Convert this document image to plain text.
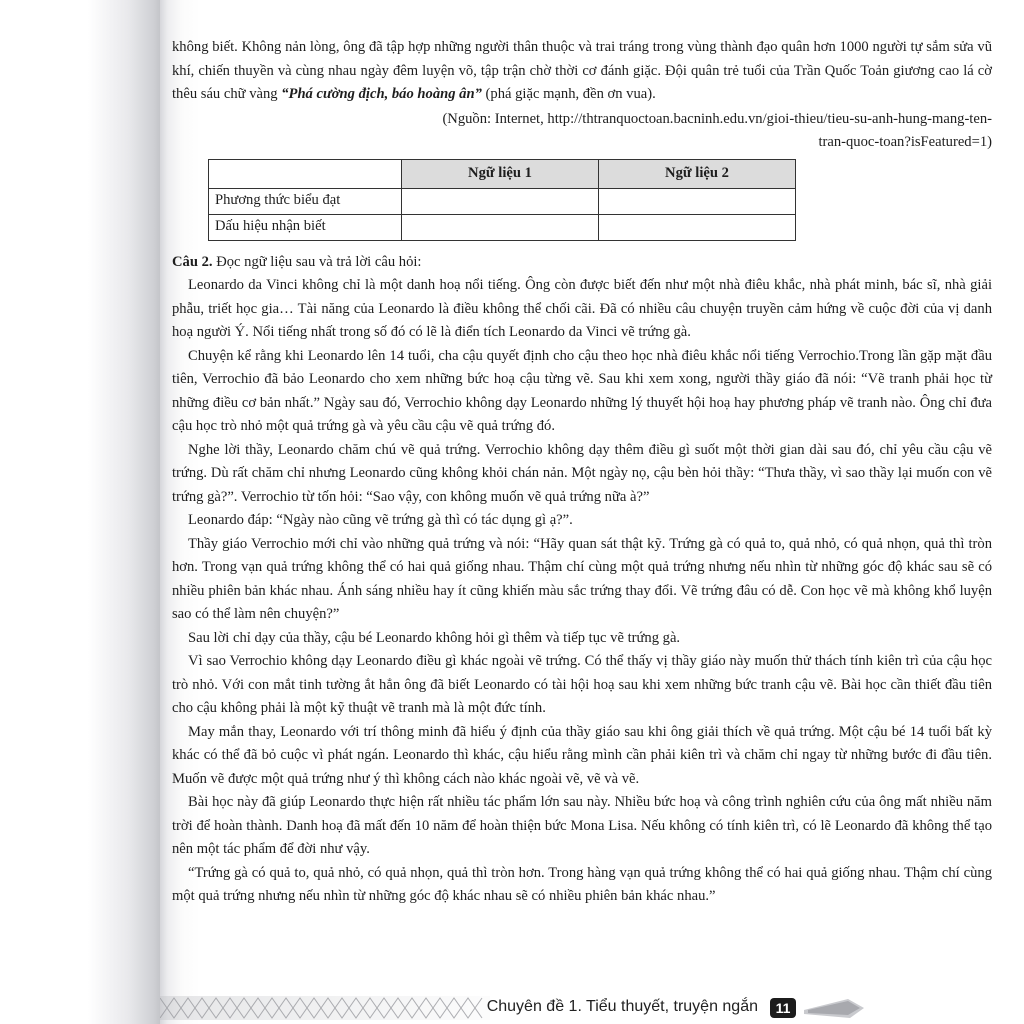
không biết. Không nản lòng, ông đã tập hợp những người thân thuộc và trai tráng trong vùng thành đạo quân hơn 1000 người tự sắm sửa vũ khí, chiến thuyền và cùng nhau ngày đêm luyện võ, tập trận chờ thời cơ đánh giặc. Đội quân trẻ tuổi của Trần Quốc Toản giương cao lá cờ thêu sáu chữ vàng “Phá cường địch, báo hoàng ân” (phá giặc mạnh, đền ơn vua).

(Nguồn: Internet, http://thtranquoctoan.bacninh.edu.vn/gioi-thieu/tieu-su-anh-hung-mang-ten-
tran-quoc-toan?isFeatured=1)
	Ngữ liệu 1	Ngữ liệu 2
Phương thức biểu đạt		
Dấu hiệu nhận biết		

Câu 2. Đọc ngữ liệu sau và trả lời câu hỏi:

Leonardo da Vinci không chỉ là một danh hoạ nổi tiếng. Ông còn được biết đến như một nhà điêu khắc, nhà phát minh, bác sĩ, nhà giải phẫu, triết học gia… Tài năng của Leonardo là điều không thể chối cãi. Đã có nhiều câu chuyện truyền cảm hứng về cuộc đời của vị danh hoạ người Ý. Nổi tiếng nhất trong số đó có lẽ là điển tích Leonardo da Vinci vẽ trứng gà.

Chuyện kể rằng khi Leonardo lên 14 tuổi, cha cậu quyết định cho cậu theo học nhà điêu khắc nổi tiếng Verrochio.Trong lần gặp mặt đầu tiên, Verrochio đã bảo Leonardo cho xem những bức hoạ cậu từng vẽ. Sau khi xem xong, người thầy giáo đã nói: “Vẽ tranh phải học từ những điều cơ bản nhất.” Ngày sau đó, Verrochio không dạy Leonardo những lý thuyết hội hoạ hay phương pháp vẽ tranh nào. Ông chỉ đưa cậu học trò nhỏ một quả trứng gà và yêu cầu cậu vẽ quả trứng đó.

Nghe lời thầy, Leonardo chăm chú vẽ quả trứng. Verrochio không dạy thêm điều gì suốt một thời gian dài sau đó, chỉ yêu cầu cậu vẽ trứng. Dù rất chăm chỉ nhưng Leonardo cũng không khỏi chán nản. Một ngày nọ, cậu bèn hỏi thầy: “Thưa thầy, vì sao thầy lại muốn con vẽ trứng gà?”. Verrochio từ tốn hỏi: “Sao vậy, con không muốn vẽ quả trứng nữa à?”

Leonardo đáp: “Ngày nào cũng vẽ trứng gà thì có tác dụng gì ạ?”.

Thầy giáo Verrochio mới chỉ vào những quả trứng và nói: “Hãy quan sát thật kỹ. Trứng gà có quả to, quả nhỏ, có quả nhọn, quả thì tròn hơn. Trong vạn quả trứng không thể có hai quả giống nhau. Thậm chí cùng một quả trứng nhưng nếu nhìn từ những góc độ khác sau sẽ có nhiều phiên bản khác nhau. Ánh sáng nhiều hay ít cũng khiến màu sắc trứng thay đổi. Vẽ trứng đâu có dễ. Con học vẽ mà không khổ luyện sao có thể làm nên chuyện?”

Sau lời chỉ dạy của thầy, cậu bé Leonardo không hỏi gì thêm và tiếp tục vẽ trứng gà.

Vì sao Verrochio không dạy Leonardo điều gì khác ngoài vẽ trứng. Có thể thấy vị thầy giáo này muốn thử thách tính kiên trì của cậu học trò nhỏ. Với con mắt tinh tường ắt hẳn ông đã biết Leonardo có tài hội hoạ sau khi xem những bức tranh cậu vẽ. Bài học cần thiết đầu tiên cho cậu không phải là một kỹ thuật vẽ tranh mà là một đức tính.

May mắn thay, Leonardo với trí thông minh đã hiểu ý định của thầy giáo sau khi ông giải thích về quả trứng. Một cậu bé 14 tuổi bất kỳ khác có thể đã bỏ cuộc vì phát ngán. Leonardo thì khác, cậu hiểu rằng mình cần phải kiên trì và chăm chỉ ngay từ những bước đi đầu tiên. Muốn vẽ được một quả trứng như ý thì không cách nào khác ngoài vẽ, vẽ và vẽ.

Bài học này đã giúp Leonardo thực hiện rất nhiều tác phẩm lớn sau này. Nhiều bức hoạ và công trình nghiên cứu của ông mất nhiều năm trời để hoàn thành. Danh hoạ đã mất đến 10 năm để hoàn thiện bức Mona Lisa. Nếu không có tính kiên trì, có lẽ Leonardo đã không thể tạo nên một tác phẩm để đời như vậy.

“Trứng gà có quả to, quả nhỏ, có quả nhọn, quả thì tròn hơn. Trong hàng vạn quả trứng không thể có hai quả giống nhau. Thậm chí cùng một quả trứng nhưng nếu nhìn từ những góc độ khác nhau sẽ có nhiều phiên bản khác nhau.”

Chuyên đề 1. Tiểu thuyết, truyện ngắn	11
